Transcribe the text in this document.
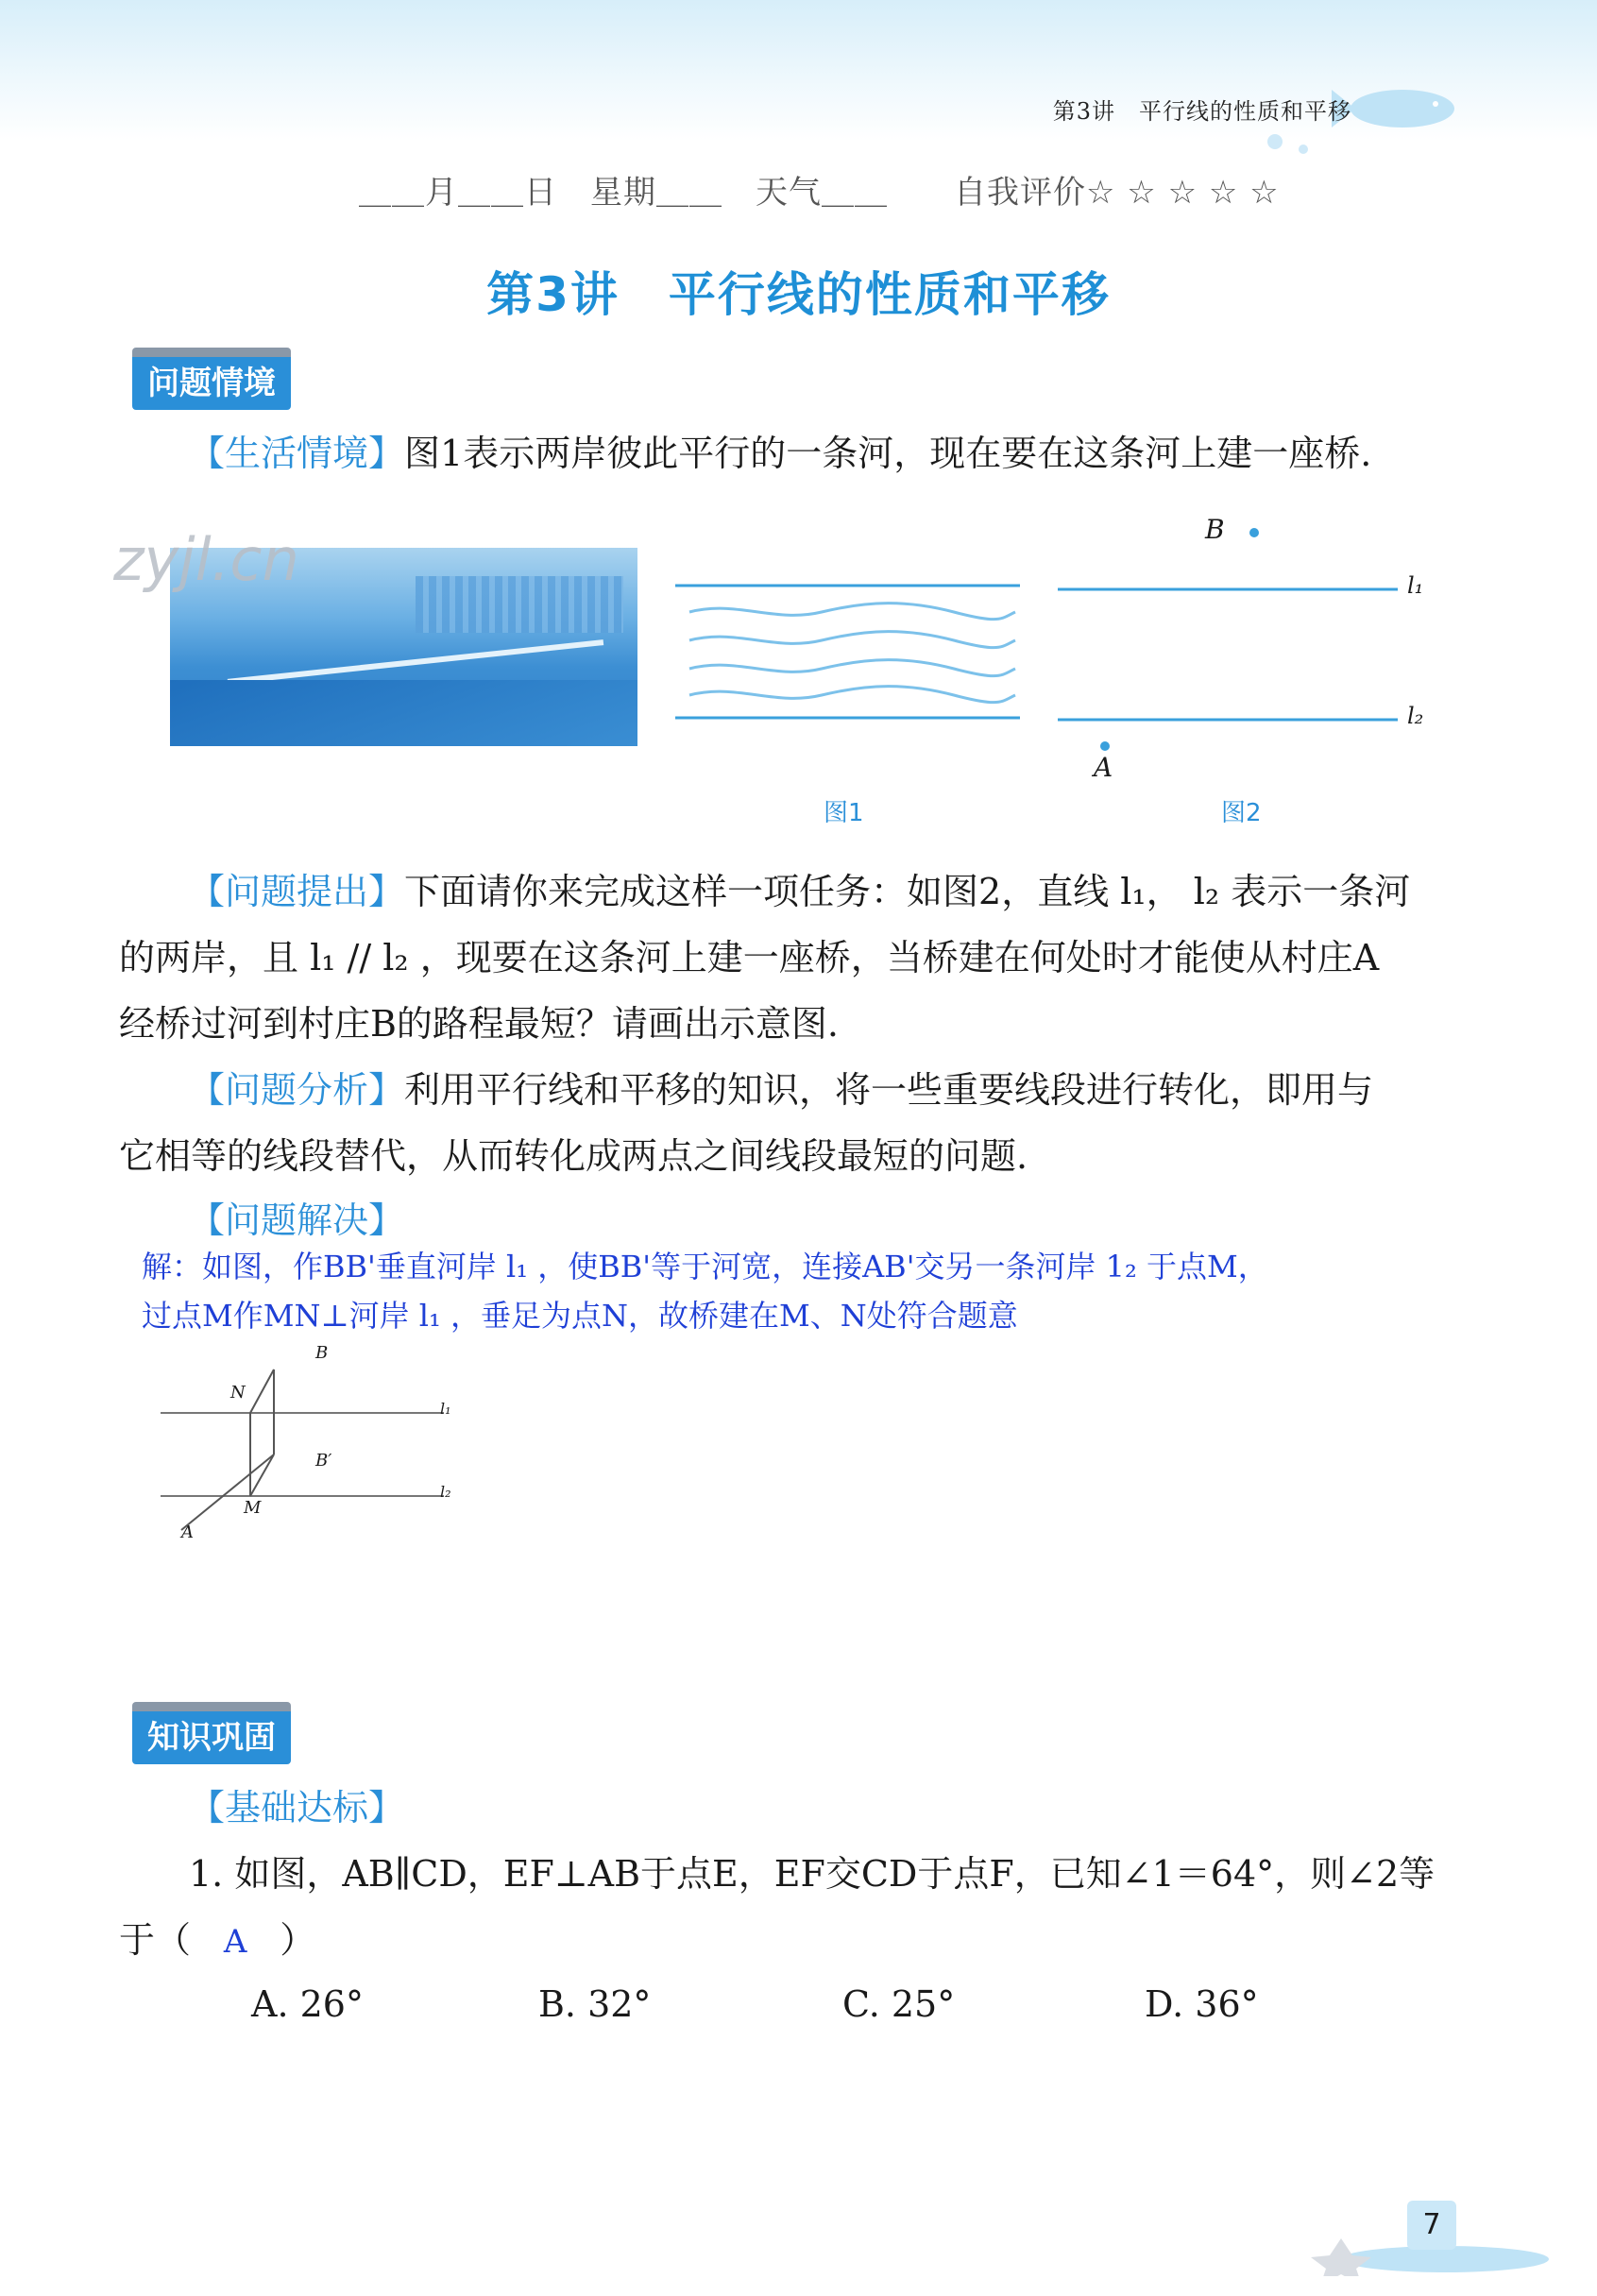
第3讲　平行线的性质和平移
＿＿月＿＿日　星期＿＿　天气＿＿　　自我评价☆ ☆ ☆ ☆ ☆
第3讲　平行线的性质和平移
问题情境
【生活情境】图1表示两岸彼此平行的一条河，现在要在这条河上建一座桥.
zyjl.cn	B
l₁
l₂
A
图1	图2
【问题提出】下面请你来完成这样一项任务：如图2，直线 l₁， l₂ 表示一条河
的两岸，且 l₁ // l₂ ，现要在这条河上建一座桥，当桥建在何处时才能使从村庄A
经桥过河到村庄B的路程最短？请画出示意图.
【问题分析】利用平行线和平移的知识，将一些重要线段进行转化，即用与
它相等的线段替代，从而转化成两点之间线段最短的问题.
【问题解决】
解：如图，作BB'垂直河岸 l₁ ，使BB'等于河宽，连接AB'交另一条河岸 1₂ 于点M，
过点M作MN⊥河岸 l₁ ，垂足为点N，故桥建在M、N处符合题意
B
N
B′
M
A
l₁
l₂
知识巩固
【基础达标】
1. 如图，AB∥CD，EF⊥AB于点E，EF交CD于点F，已知∠1＝64°，则∠2等
于（ A ）
A. 26°	B. 32°	C. 25°	D. 36°
7
